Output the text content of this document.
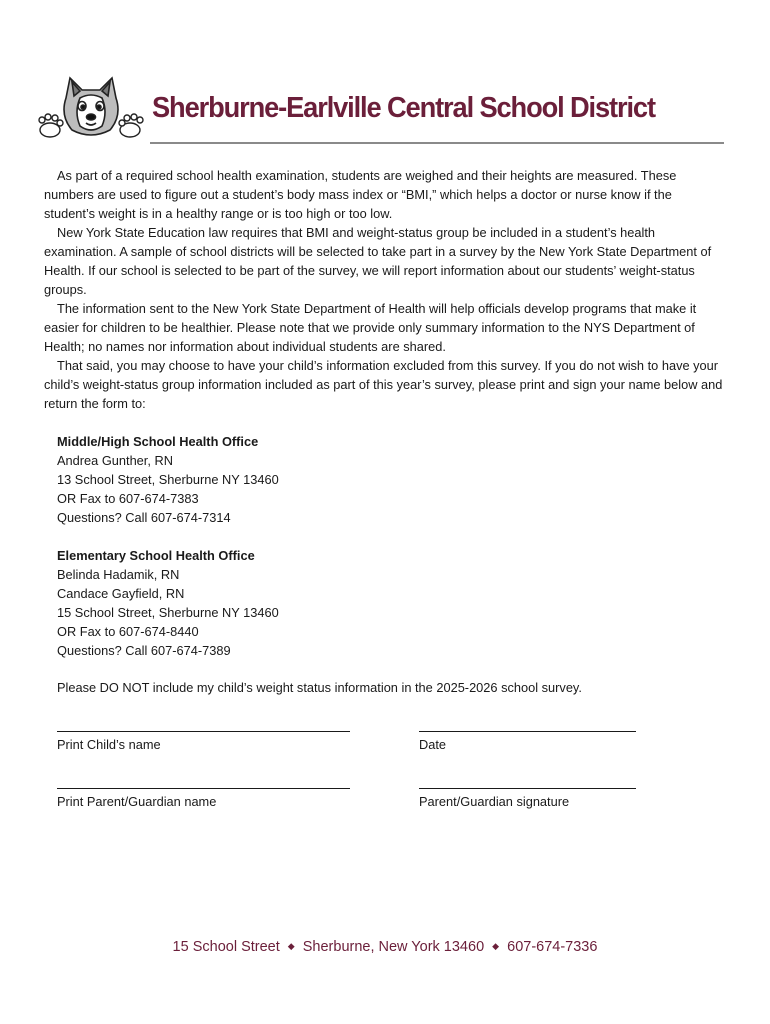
Sherburne-Earlville Central School District

As part of a required school health examination, students are weighed and their heights are measured. These numbers are used to figure out a student’s body mass index or “BMI,” which helps a doctor or nurse know if the student’s weight is in a healthy range or is too high or too low.

New York State Education law requires that BMI and weight-status group be included in a student’s health examination. A sample of school districts will be selected to take part in a survey by the New York State Department of Health. If our school is selected to be part of the survey, we will report information about our students’ weight-status groups.

The information sent to the New York State Department of Health will help officials develop programs that make it easier for children to be healthier. Please note that we provide only summary information to the NYS Department of Health; no names nor information about individual students are shared.

That said, you may choose to have your child’s information excluded from this survey. If you do not wish to have your child’s weight-status group information included as part of this year’s survey, please print and sign your name below and return the form to:

Middle/High School Health Office
Andrea Gunther, RN
13 School Street, Sherburne NY 13460
OR Fax to 607-674-7383
Questions? Call 607-674-7314
Elementary School Health Office
Belinda Hadamik, RN
Candace Gayfield, RN
15 School Street, Sherburne NY 13460
OR Fax to 607-674-8440
Questions? Call 607-674-7389
Please DO NOT include my child’s weight status information in the 2025-2026 school survey.
Print Child’s name	Date
Print Parent/Guardian name	Parent/Guardian signature
15 School Street ◆ Sherburne, New York 13460 ◆ 607-674-7336
